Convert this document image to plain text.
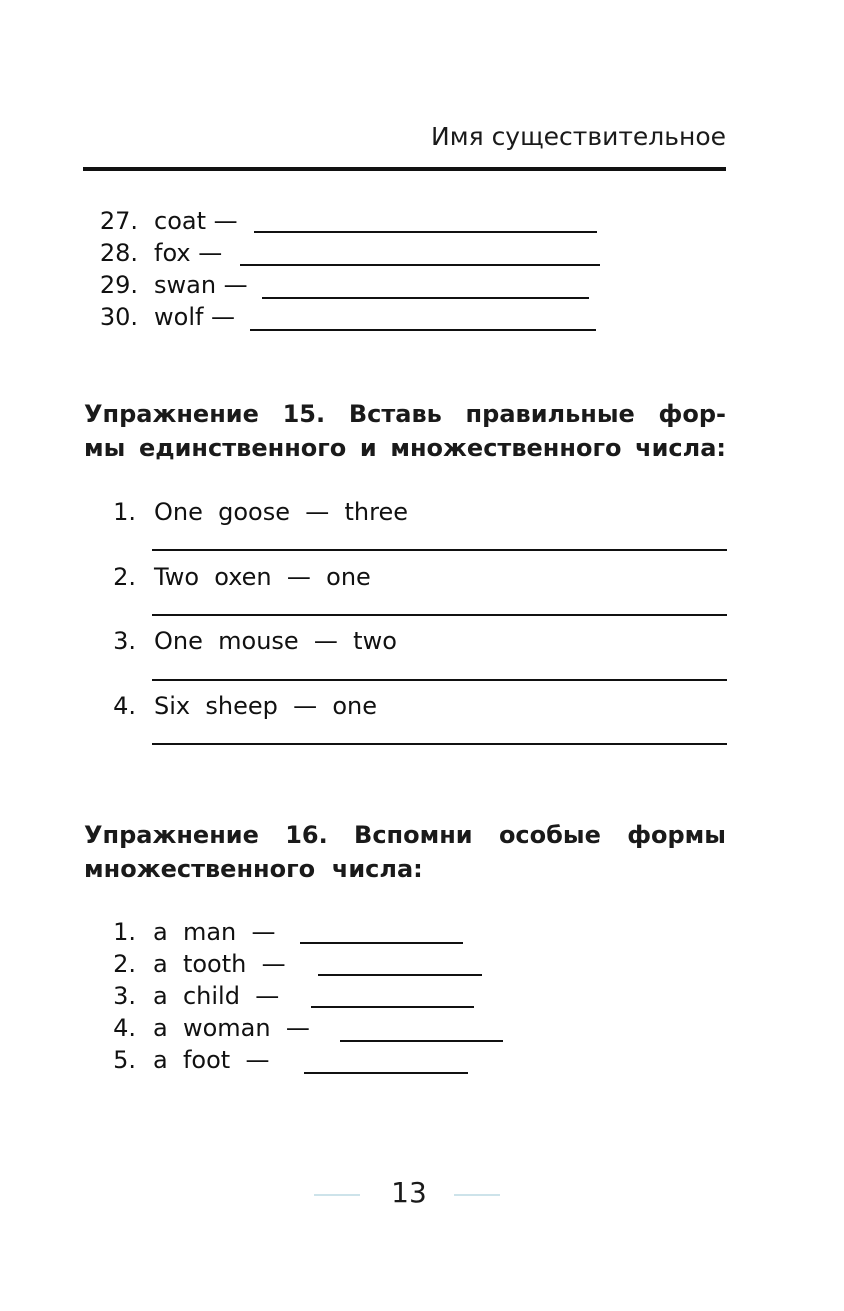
Имя существительное
27. coat —
28. fox —
29. swan —
30. wolf —
Упражнение 15. Вставь правильные фор-
мы единственного и множественного числа:
1. One  goose  —  three
2. Two  oxen  —  one
3. One  mouse  —  two
4. Six  sheep  —  one
Упражнение 16. Вспомни особые формы
множественного  числа:
1. a  man  —
2. a  tooth  —
3. a  child  —
4. a  woman  —
5. a  foot  —
13
